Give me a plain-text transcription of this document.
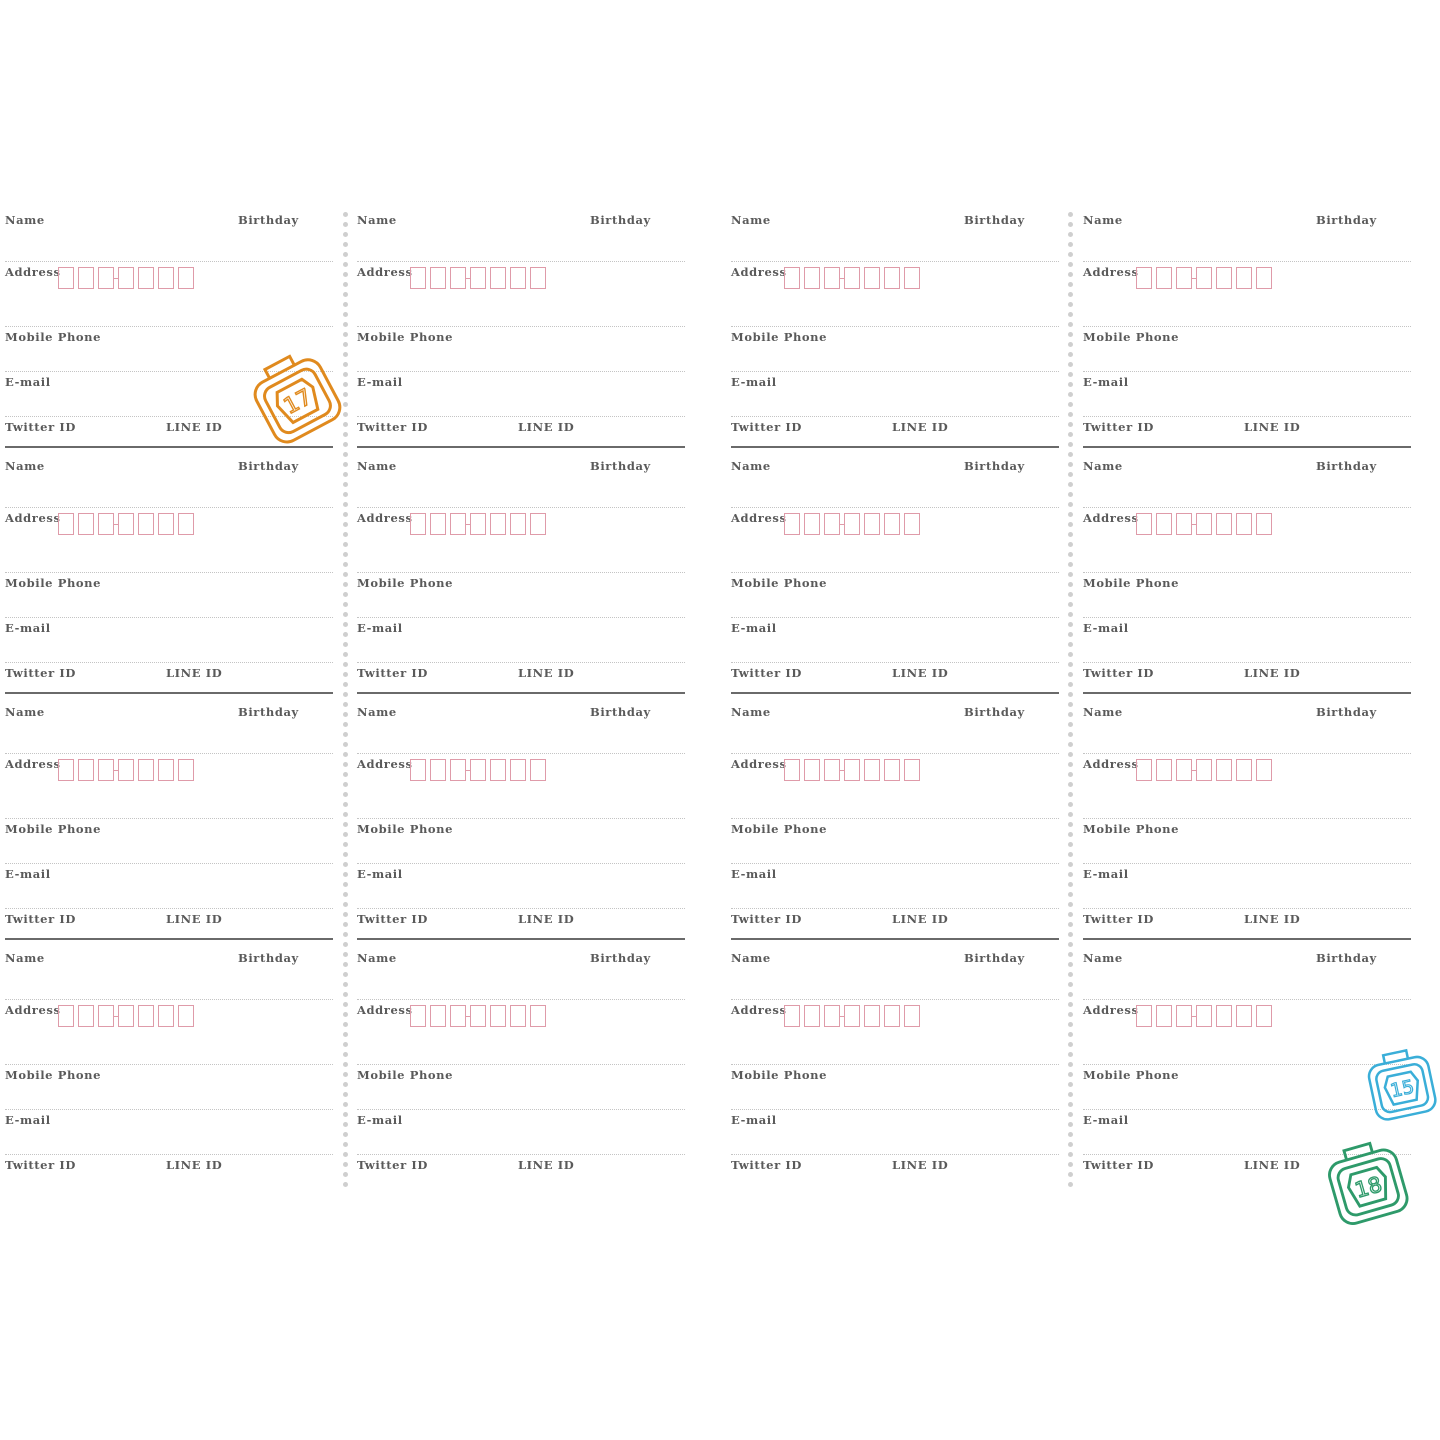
Name	Birthday
Address
Mobile Phone
E-mail
Twitter ID	LINE ID
Name	Birthday
Address
Mobile Phone
E-mail
Twitter ID	LINE ID
Name	Birthday
Address
Mobile Phone
E-mail
Twitter ID	LINE ID
Name	Birthday
Address
Mobile Phone
E-mail
Twitter ID	LINE ID
Name	Birthday
Address
Mobile Phone
E-mail
Twitter ID	LINE ID
Name	Birthday
Address
Mobile Phone
E-mail
Twitter ID	LINE ID
Name	Birthday
Address
Mobile Phone
E-mail
Twitter ID	LINE ID
Name	Birthday
Address
Mobile Phone
E-mail
Twitter ID	LINE ID
Name	Birthday
Address
Mobile Phone
E-mail
Twitter ID	LINE ID
Name	Birthday
Address
Mobile Phone
E-mail
Twitter ID	LINE ID
Name	Birthday
Address
Mobile Phone
E-mail
Twitter ID	LINE ID
Name	Birthday
Address
Mobile Phone
E-mail
Twitter ID	LINE ID
Name	Birthday
Address
Mobile Phone
E-mail
Twitter ID	LINE ID
Name	Birthday
Address
Mobile Phone
E-mail
Twitter ID	LINE ID
Name	Birthday
Address
Mobile Phone
E-mail
Twitter ID	LINE ID
Name	Birthday
Address
Mobile Phone
E-mail
Twitter ID	LINE ID
17
15
18
